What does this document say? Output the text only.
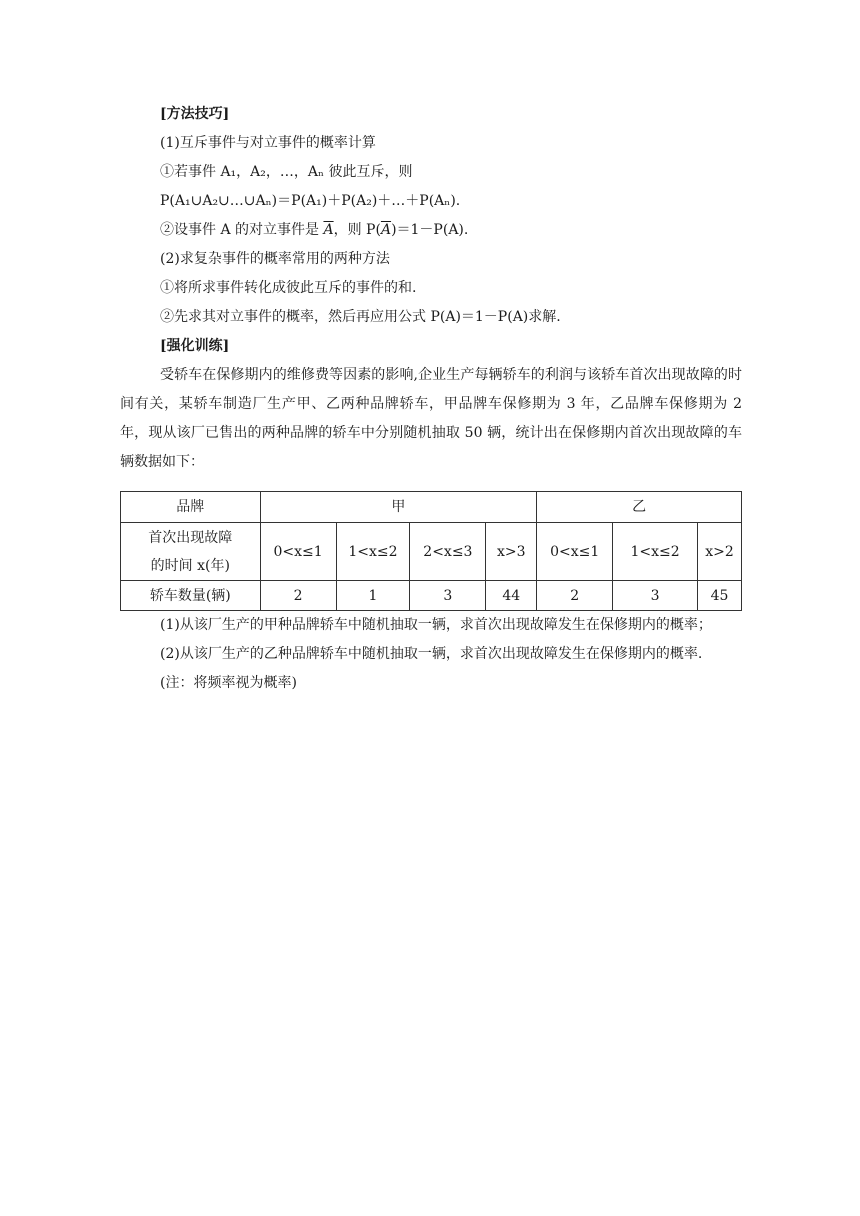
[方法技巧]
(1)互斥事件与对立事件的概率计算
①若事件 A₁，A₂，…，Aₙ 彼此互斥，则
P(A₁∪A₂∪…∪Aₙ)＝P(A₁)＋P(A₂)＋…＋P(Aₙ).
②设事件 A 的对立事件是 $\overline{A}$，则 $P(\overline{A})=1-P(A)$.
(2)求复杂事件的概率常用的两种方法
①将所求事件转化成彼此互斥的事件的和.
②先求其对立事件的概率，然后再应用公式 P(A)＝1－P(A)求解.
[强化训练]

受轿车在保修期内的维修费等因素的影响,企业生产每辆轿车的利润与该轿车首次出现故障的时间有关，某轿车制造厂生产甲、乙两种品牌轿车，甲品牌车保修期为 3 年，乙品牌车保修期为 2 年，现从该厂已售出的两种品牌的轿车中分别随机抽取 50 辆，统计出在保修期内首次出现故障的车辆数据如下：

品牌	甲				乙		

首次出现故障
的时间 x(年)	0<x≤1	1<x≤2	2<x≤3	x>3	0<x≤1	1<x≤2	x>2
轿车数量(辆)	2	1	3	44	2	3	45

(1)从该厂生产的甲种品牌轿车中随机抽取一辆，求首次出现故障发生在保修期内的概率；

(2)从该厂生产的乙种品牌轿车中随机抽取一辆，求首次出现故障发生在保修期内的概率.

(注：将频率视为概率)
